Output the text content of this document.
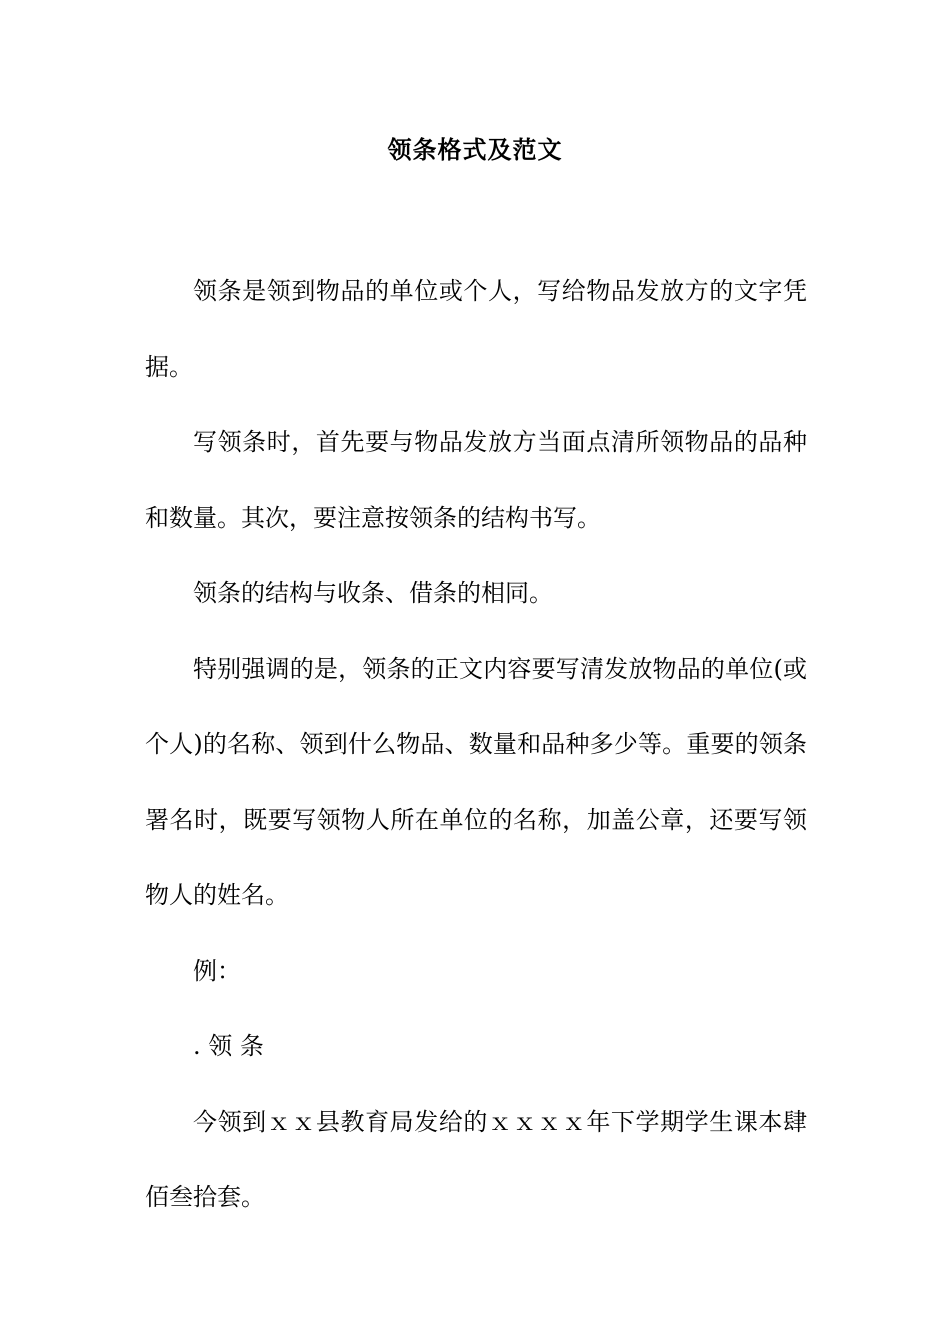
领条格式及范文

领条是领到物品的单位或个人，写给物品发放方的文字凭据。

写领条时，首先要与物品发放方当面点清所领物品的品种和数量。其次，要注意按领条的结构书写。

领条的结构与收条、借条的相同。

特别强调的是，领条的正文内容要写清发放物品的单位(或个人)的名称、领到什么物品、数量和品种多少等。重要的领条署名时，既要写领物人所在单位的名称，加盖公章，还要写领物人的姓名。

例：

. 领 条

今领到ｘｘ县教育局发给的ｘｘｘｘ年下学期学生课本肆佰叁拾套。
